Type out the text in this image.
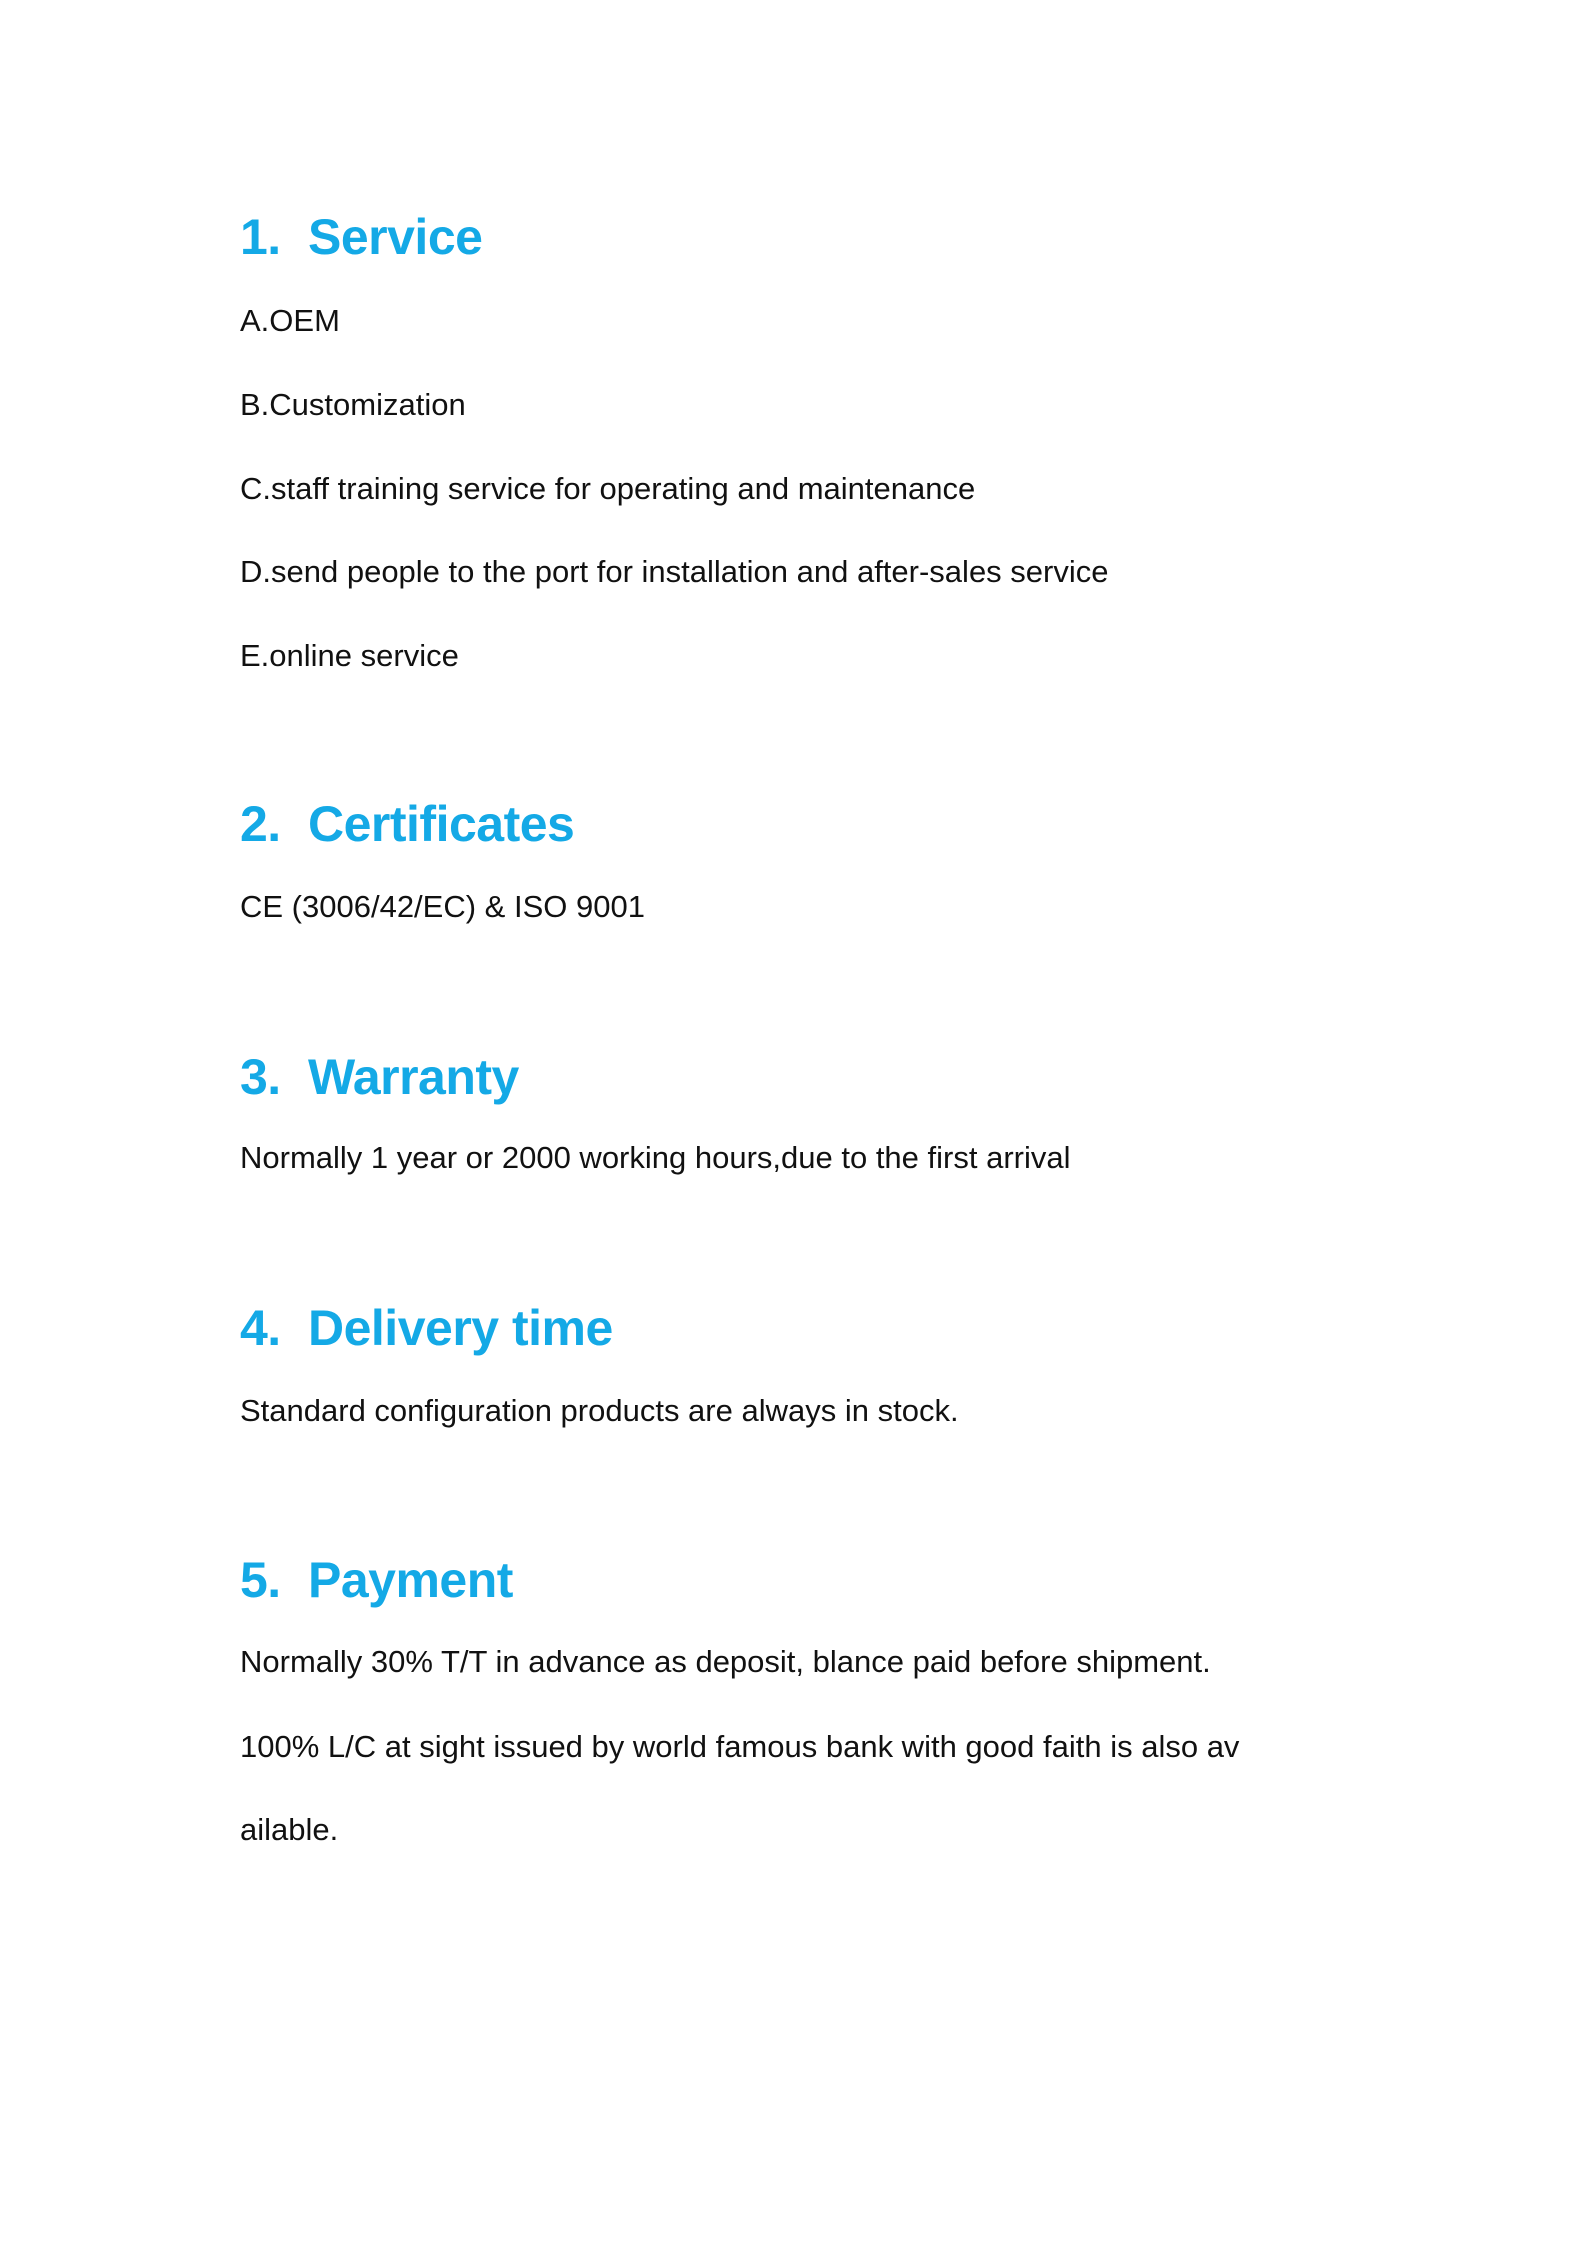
1. Service
A.OEM
B.Customization
C.staff training service for operating and maintenance
D.send people to the port for installation and after-sales service
E.online service
2. Certificates
CE (3006/42/EC) & ISO 9001
3. Warranty
Normally 1 year or 2000 working hours,due to the first arrival
4. Delivery time
Standard configuration products are always in stock.
5. Payment
Normally 30% T/T in advance as deposit, blance paid before shipment.
100% L/C at sight issued by world famous bank with good faith is also av
ailable.
